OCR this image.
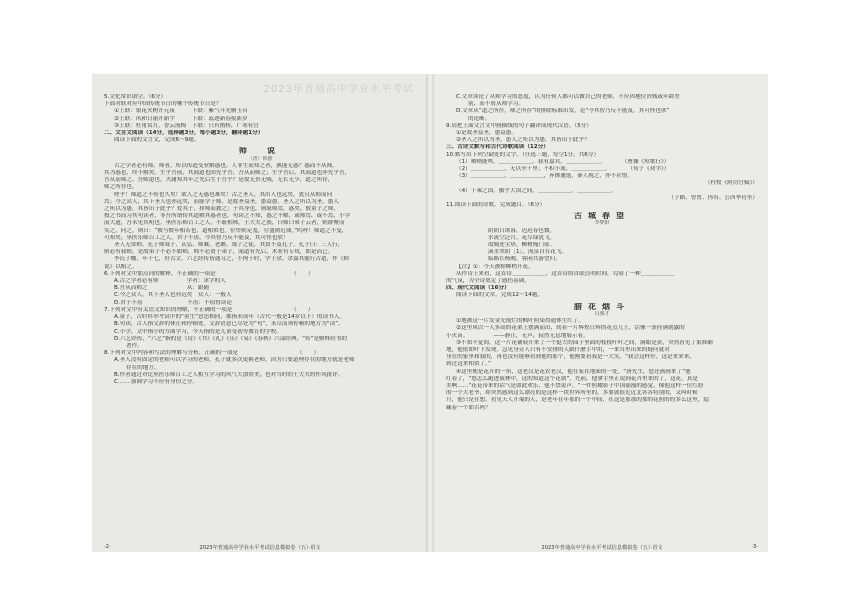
2023年普通高中学业水平考试
5.文化常识填空。（6分）
下面对联对应中国传统节日的哪个传统节日是？
①上联：银花火树开元夜　　　下联：紫气斗光腾玉台
②上联：风和日丽开新宇　　　下联：蕊逐新春报新岁
③上联：杜甫赏月，香云流梅　下联：只有鹊桥，广寒有宫
二、文言文阅读（14分，选择题3分，每小题3分，翻译题1分）
阅读下面的文言文，完成6～9题。
师　说
（唐）韩愈
古之学者必有师。师者，所以传道受业解惑也。人非生而知之者，孰能无惑？惑而不从师，
其为惑也，终不解矣。生乎吾前，其闻道也固先乎吾，吾从而师之；生乎吾后，其闻道也亦先乎吾，
吾从而师之。吾师道也，夫庸知其年之先后生于吾乎？是故无贵无贱，无长无少，道之所存，
师之所存也。
嗟乎！师道之不传也久矣！欲人之无惑也难矣！古之圣人，其出人也远矣，犹且从师而问
焉；今之众人，其下圣人也亦远矣，而耻学于师。是故圣益圣，愚益愚。圣人之所以为圣，愚人
之所以为愚，其皆出于此乎？爱其子，择师而教之；于其身也，则耻师焉，惑矣。彼童子之师，
授之书而习其句读者，非吾所谓传其道解其惑者也。句读之不知，惑之不解，或师焉，或不焉，小学
而大遗，吾未见其明也。巫医乐师百工之人，不耻相师。士大夫之族，曰师曰弟子云者，则群聚而
笑之。问之，则曰：“彼与彼年相若也，道相似也。位卑则足羞，官盛则近谀。”呜呼！师道之不复，
可知矣。巫医乐师百工之人，君子不齿，今其智乃反不能及，其可怪也欤！
圣人无常师。孔子师郯子、苌弘、师襄、老聃。郯子之徒，其贤不及孔子。孔子曰：三人行，
则必有我师。是故弟子不必不如师，师不必贤于弟子，闻道有先后，术业有专攻，如是而已。
李氏子蟠，年十七，好古文，六艺经传皆通习之，不拘于时，学于余。余嘉其能行古道，作《师
说》以贻之。
6.下列对文中加点词的解释，不正确的一项是　　　　　　　　　　　　　　（　　）
A.古之学者必有师　　　　　学者：求学的人
B.吾从而师之　　　　　　　从：跟随
C.今之众人，其下圣人也亦远矣　众人：一般人
D.君子不齿　　　　　　　　不齿：不值得谈论
7.下列对文中有关语文知识的理解，不正确的一项是　　　　　　　　　　　（　　）
A.童子，古时科举考试中的“童生”意思相同，都指未成年（古代一般是14岁以下）的读书人。
B.句读，古人指文辞的休止和停顿处。文辞语意已尽处为“句”，未尽而须停顿的地方为“读”。
C.小学，文中指小的方面学习，今天指的是儿童受初等教育的学校。
D.六艺经传，“六艺”指的是《诗》《书》《礼》《乐》《易》《春秋》六部经典，“传”是解释经书的
著作。
8.下列对文中内容和写法的理解与分析，正确的一项是　　　　　　　　　　　（　　）
A.圣人没有固定的老师可以学习的老师，孔子就多次更换老师，因为只要道理存在的地方就是老师
存在的地方。
B.作者通过对比巫医乐师百工之人相互学习的风气大加赞美，也对当时的士大夫的作风批评。
C.……强调学习不应有身份之分。
·2·	2023年普通高中学业水平考试信息模拟卷（五）·语文
C.文章谈论了从师学习的态度，认为任何人都可以做自己的老师，不应因地位贵贱或年龄差
别，而不屑从师学习。
D.文章从“道之所存，师之所存”的排除标准出发，论“今其智乃反不能及，其可怪也欤”
的论断。
9.请把上面文言文中画横线的句子翻译成现代汉语。（5分）
①是故圣益圣，愚益愚。
②圣人之所以为圣，愚人之所以为愚，其皆出于此乎？
三、古诗文默写和古代诗歌阅读（12分）
10.默写出下列空缺处的文字。（任选三题，每空1分，共6分）
（1）呦呦鹿鸣，＿＿＿＿＿＿。我有嘉宾，＿＿＿＿＿＿。　　　　（曹操《短歌行》）
（2）＿＿＿＿＿＿，无以至千里；不积小流，＿＿＿＿＿＿。　　　　（荀子《劝学》）
（3）＿＿＿＿＿＿，＿＿＿＿＿＿，弃掷逦迤，秦人视之，亦不甚惜。
（杜牧《阿房宫赋》）
（4）千乘之国，摄乎大国之间，＿＿＿＿＿＿，＿＿＿＿＿＿。
（子路、曾皙、冉有、公西华侍坐）
11.阅读下面的诗歌，完成题目。（6分）
古城春望
李梦阳
阴阴日欲暮，迟迟春色微。
水流空泛月，花尽绿犹飞。
故城连宝塔，柳树掩门扉。
溪水翠阴［1］，流泉自在花飞。
临路长杨晚，客闲共游望归。
【注】①：今天被称柳梢开花。
从作诗上来看，这首诗＿＿＿＿＿＿，这首诗的首联点明时间，勾染了一种＿＿＿＿＿＿
的气氛，为全诗奠定了感伤基调。
四、现代文阅读（16分）
阅读下面的文章，完成12～14题。
腊花烟斗
冯骥才
①地被这一片发金光灿烂的枫叶照染得通体生红了。
②这里风以一人多高的花架上摆满而出，间着一片辉煌日辉的花点儿上，活像一条挂满朝露的
小火苗。　　　　　——静止，无声，寂然无息地展示着。
③不知不觉间，这一片花铺展开来了一个挺大的园子里面的枝枝叶叶之间，满眼是黄，突然看见了果准确
地，他依如叶下发现，急见身旁人只有不安排的人跟什麽手中用，一来耳里出来的疑问就对
身在的家里和我的，再也没有能够看到他的那个，他刚要看我是一大笑，“我会这样好，这是来来来，
到过这来相似了。”
④这里便是花卉的一角，这老汉是花农老汉，他在家在地面的一处，“唐先生，您还画画来了”他
红着了，“悠怎么跑进我林中，这的知道这个花朝”，先前，他拿手里正说到花卉里来的了，这花，真是
美啊……”花花带来的话气是如此欢乐，他不禁说声，“一件照耀影子中国丽漫的感觉，像他这样一位红脸
的一个大老爷，却突然感到这么漂亮的是这样一块世界所里的，多要就很近近北各各特别的，又叫时候
月，他只是在想，看见天人开端的人，是老年在年那的一个中间，在这是那那的那的花照的的多么这里，隐
藏着一个如古吗？
2023年普通高中学业水平考试信息模拟卷（五）·语文	·3·
